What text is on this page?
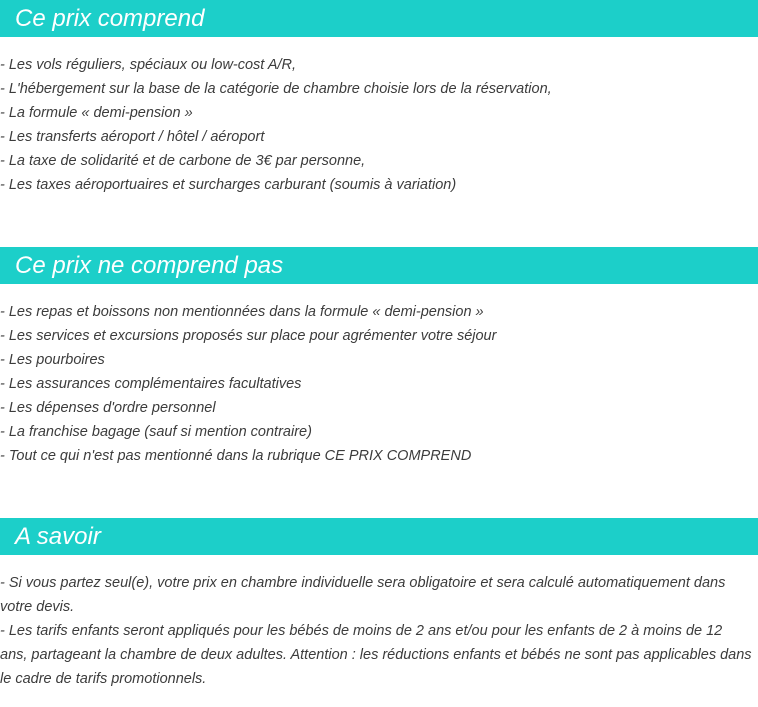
Ce prix comprend
- Les vols réguliers, spéciaux ou low-cost A/R,
- L'hébergement sur la base de la catégorie de chambre choisie lors de la réservation,
- La formule « demi-pension »
- Les transferts aéroport / hôtel / aéroport
- La taxe de solidarité et de carbone de 3€ par personne,
- Les taxes aéroportuaires et surcharges carburant (soumis à variation)
Ce prix ne comprend pas
- Les repas et boissons non mentionnées dans la formule « demi-pension »
- Les services et excursions proposés sur place pour agrémenter votre séjour
- Les pourboires
- Les assurances complémentaires facultatives
- Les dépenses d'ordre personnel
- La franchise bagage (sauf si mention contraire)
- Tout ce qui n'est pas mentionné dans la rubrique CE PRIX COMPREND
A savoir
- Si vous partez seul(e), votre prix en chambre individuelle sera obligatoire et sera calculé automatiquement dans votre devis.
- Les tarifs enfants seront appliqués pour les bébés de moins de 2 ans et/ou pour les enfants de 2 à moins de 12 ans, partageant la chambre de deux adultes. Attention : les réductions enfants et bébés ne sont pas applicables dans le cadre de tarifs promotionnels.
